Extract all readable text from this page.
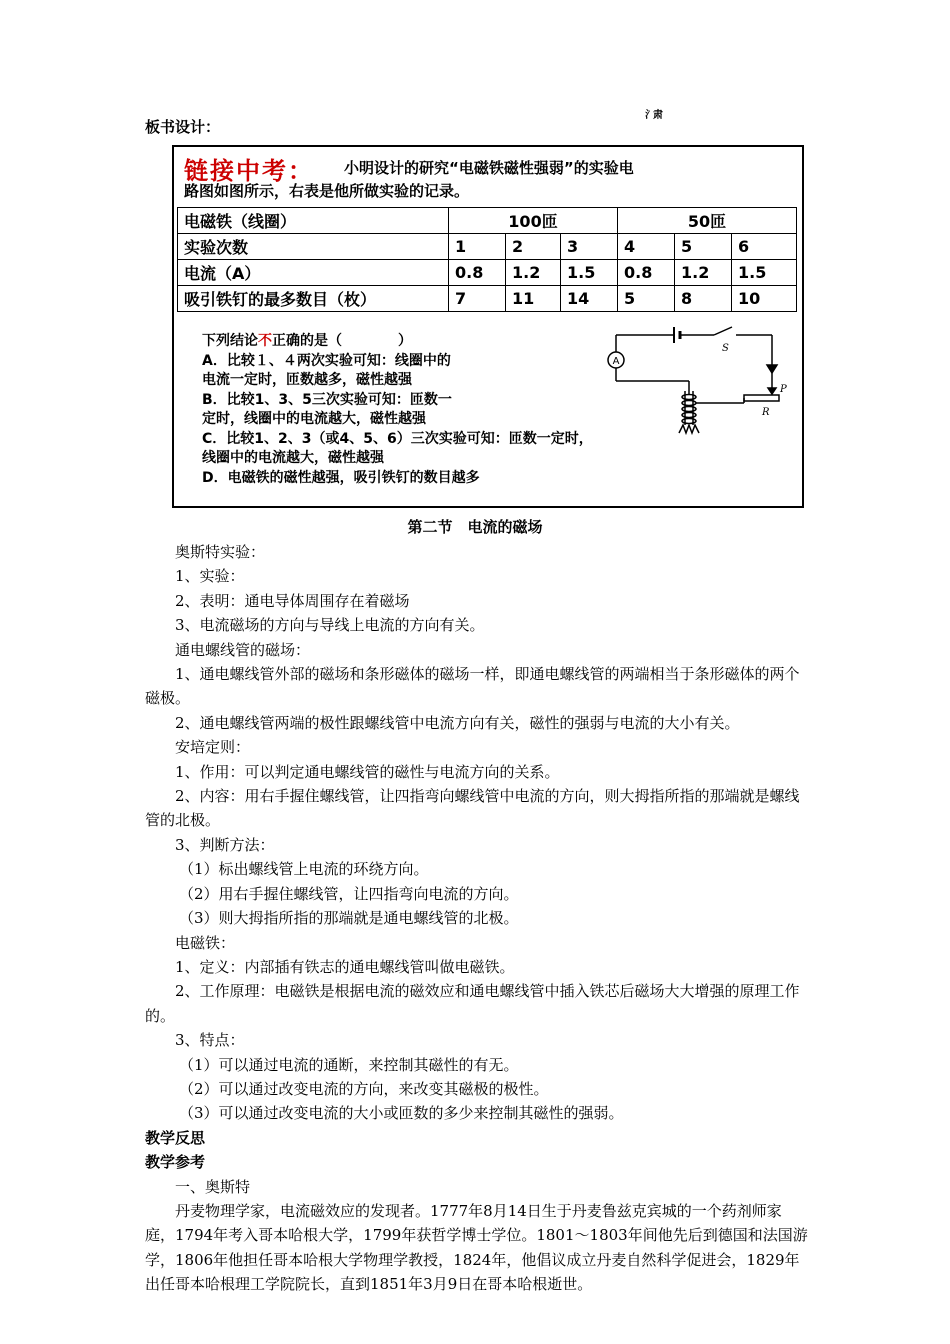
氵肃
板书设计：
链接中考： 小明设计的研究“电磁铁磁性强弱”的实验电
路图如图所示，右表是他所做实验的记录。
电磁铁（线圈）	100匝			50匝		
实验次数	1	2	3	4	5	6
电流（A）	0.8	1.2	1.5	0.8	1.2	1.5
吸引铁钉的最多数目（枚）	7	11	14	5	8	10
下列结论不正确的是（　　　　）
A．比较１、４两次实验可知：线圈中的
电流一定时，匝数越多，磁性越强
B．比较1、3、5三次实验可知：匝数一
定时，线圈中的电流越大，磁性越强
C．比较1、2、3（或4、5、6）三次实验可知：匝数一定时，
线圈中的电流越大，磁性越强
D．电磁铁的磁性越强，吸引铁钉的数目越多
A
S
P
R
第二节　电流的磁场

奥斯特实验：

1、实验：

2、表明：通电导体周围存在着磁场

3、电流磁场的方向与导线上电流的方向有关。

通电螺线管的磁场：

1、通电螺线管外部的磁场和条形磁体的磁场一样，即通电螺线管的两端相当于条形磁体的两个磁极。

2、通电螺线管两端的极性跟螺线管中电流方向有关，磁性的强弱与电流的大小有关。

安培定则：

1、作用：可以判定通电螺线管的磁性与电流方向的关系。

2、内容：用右手握住螺线管，让四指弯向螺线管中电流的方向，则大拇指所指的那端就是螺线管的北极。

3、判断方法：

（1）标出螺线管上电流的环绕方向。

（2）用右手握住螺线管，让四指弯向电流的方向。

（3）则大拇指所指的那端就是通电螺线管的北极。

电磁铁：

1、定义：内部插有铁志的通电螺线管叫做电磁铁。

2、工作原理：电磁铁是根据电流的磁效应和通电螺线管中插入铁芯后磁场大大增强的原理工作的。

3、特点：

（1）可以通过电流的通断，来控制其磁性的有无。

（2）可以通过改变电流的方向，来改变其磁极的极性。

（3）可以通过改变电流的大小或匝数的多少来控制其磁性的强弱。

教学反思

教学参考

一、奥斯特

丹麦物理学家，电流磁效应的发现者。1777年8月14日生于丹麦鲁兹克宾城的一个药剂师家庭，1794年考入哥本哈根大学，1799年获哲学博士学位。1801～1803年间他先后到德国和法国游学，1806年他担任哥本哈根大学物理学教授，1824年，他倡议成立丹麦自然科学促进会，1829年出任哥本哈根理工学院院长，直到1851年3月9日在哥本哈根逝世。
